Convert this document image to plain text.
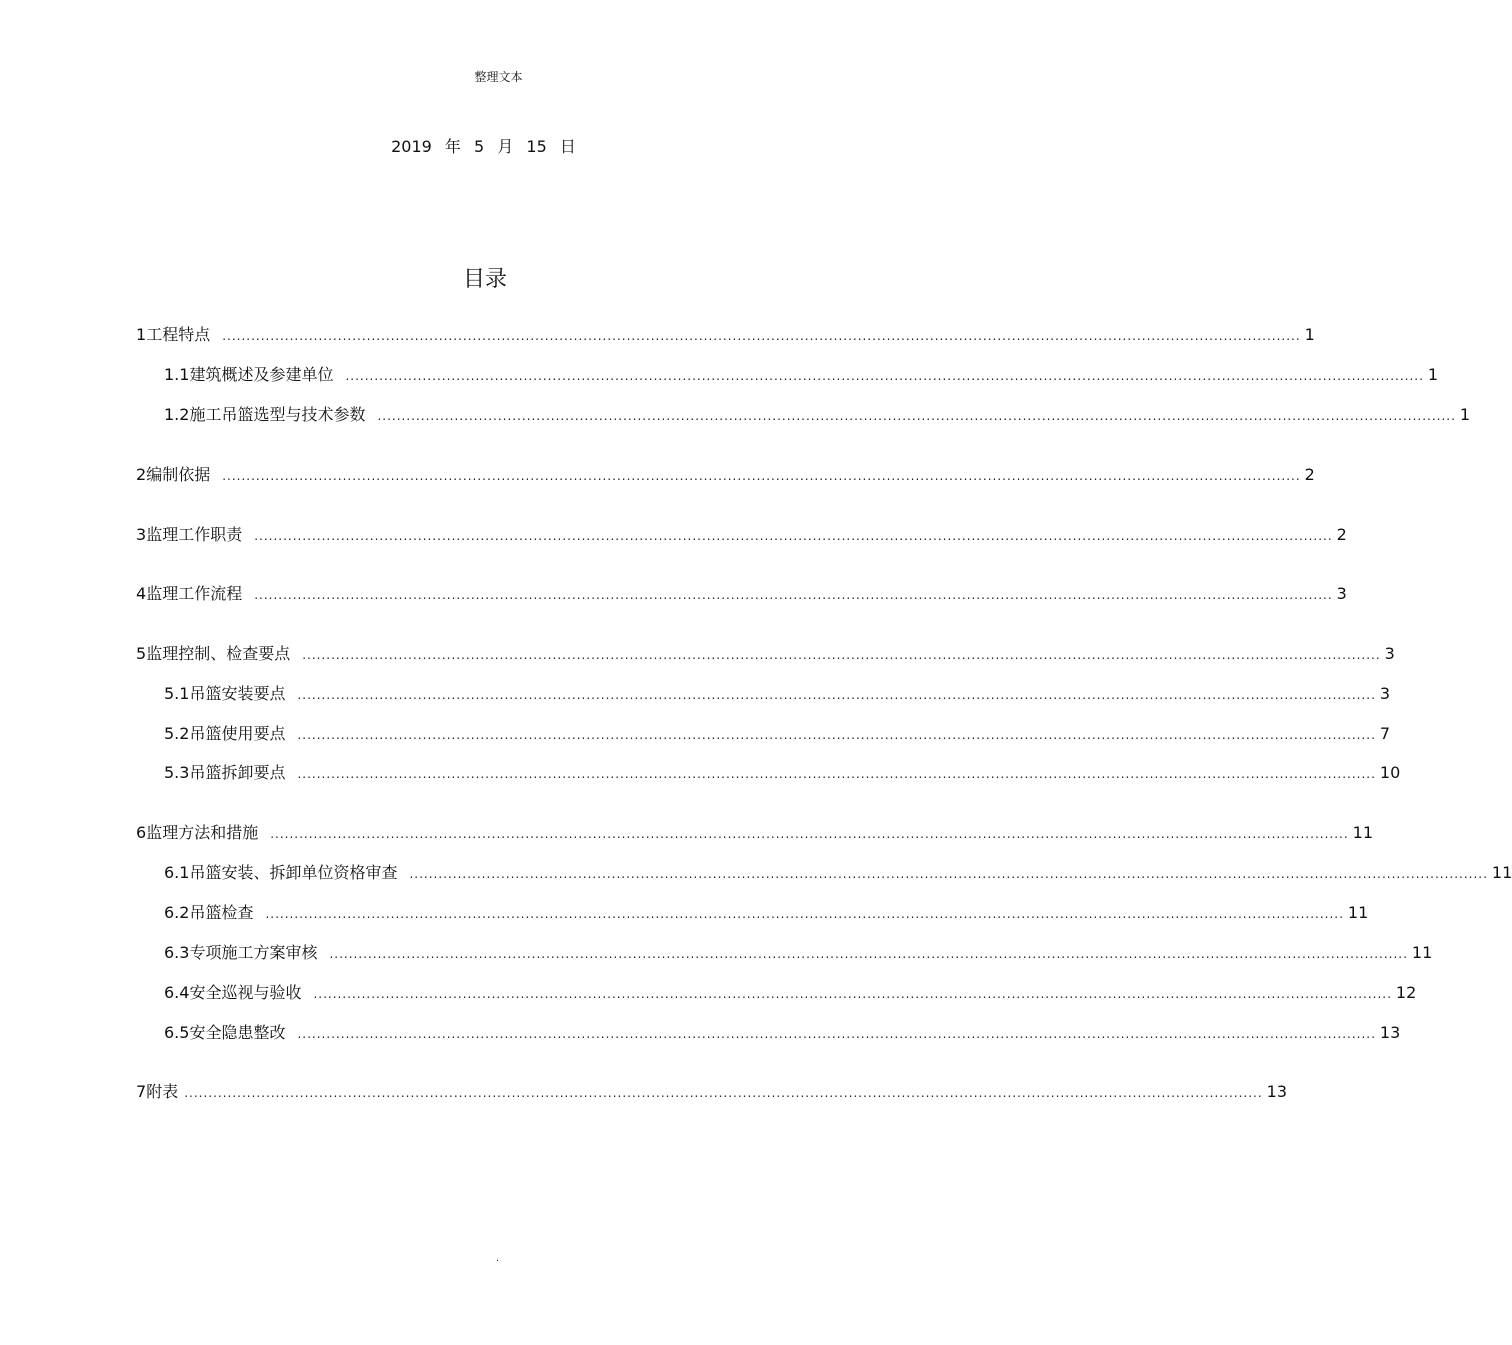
整理文本
2019 年 5 月 15 日
目录
1 工程特点 ................................................................................................................................................................................................................................ 1
1.1 建筑概述及参建单位 ................................................................................................................................................................................................................................ 1
1.2 施工吊篮选型与技术参数 ................................................................................................................................................................................................................................ 1
2 编制依据 ................................................................................................................................................................................................................................ 2
3 监理工作职责 ................................................................................................................................................................................................................................ 2
4 监理工作流程 ................................................................................................................................................................................................................................ 3
5 监理控制、检查要点 ................................................................................................................................................................................................................................ 3
5.1 吊篮安装要点 ................................................................................................................................................................................................................................ 3
5.2 吊篮使用要点 ................................................................................................................................................................................................................................ 7
5.3 吊篮拆卸要点 ................................................................................................................................................................................................................................ 10
6 监理方法和措施 ................................................................................................................................................................................................................................ 11
6.1 吊篮安装、拆卸单位资格审查 ................................................................................................................................................................................................................................ 11
6.2 吊篮检查 ................................................................................................................................................................................................................................ 11
6.3 专项施工方案审核 ................................................................................................................................................................................................................................ 11
6.4 安全巡视与验收 ................................................................................................................................................................................................................................ 12
6.5 安全隐患整改 ................................................................................................................................................................................................................................ 13
7 附表 ................................................................................................................................................................................................................................ 13
.
